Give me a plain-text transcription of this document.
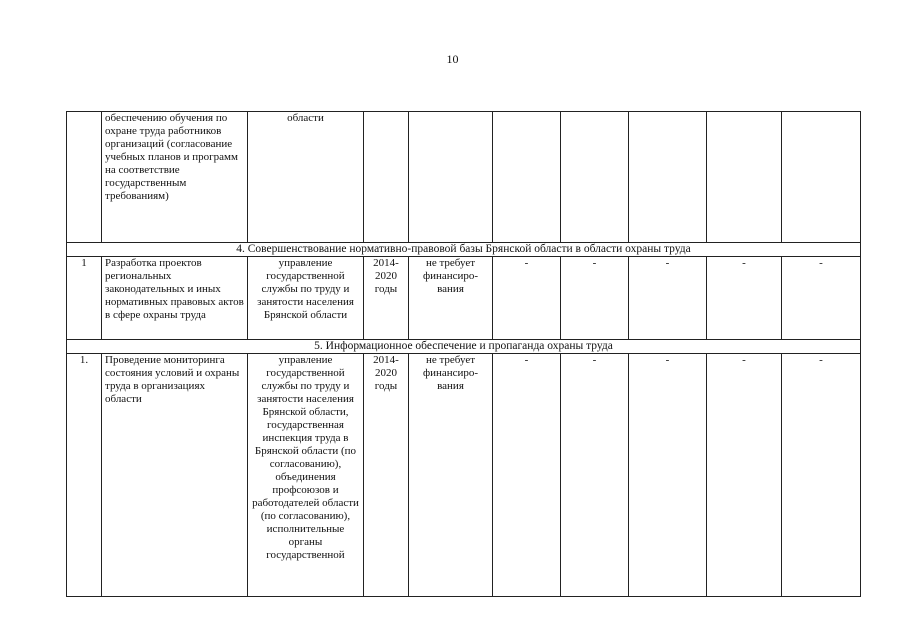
10
	обеспечению обучения по охране труда работников организаций (согласование учебных планов и программ на соответствие государственным требованиям)	области							
4. Совершенствование нормативно-правовой базы Брянской области в области охраны труда									
1	Разработка проектов региональных законодательных и иных нормативных правовых актов в сфере охраны труда	управление государственной службы по труду и занятости населения Брянской области	2014-2020 годы	не требует финансиро-вания	-	-	-	-	-
5. Информационное обеспечение и пропаганда охраны труда									
1.	Проведение мониторинга состояния условий и охраны труда в организациях области	управление государственной службы по труду и занятости населения Брянской области, государственная инспекция труда в Брянской области (по согласованию), объединения профсоюзов и работодателей области (по согласованию), исполнительные органы государственной	2014-2020 годы	не требует финансиро-вания	-	-	-	-	-
